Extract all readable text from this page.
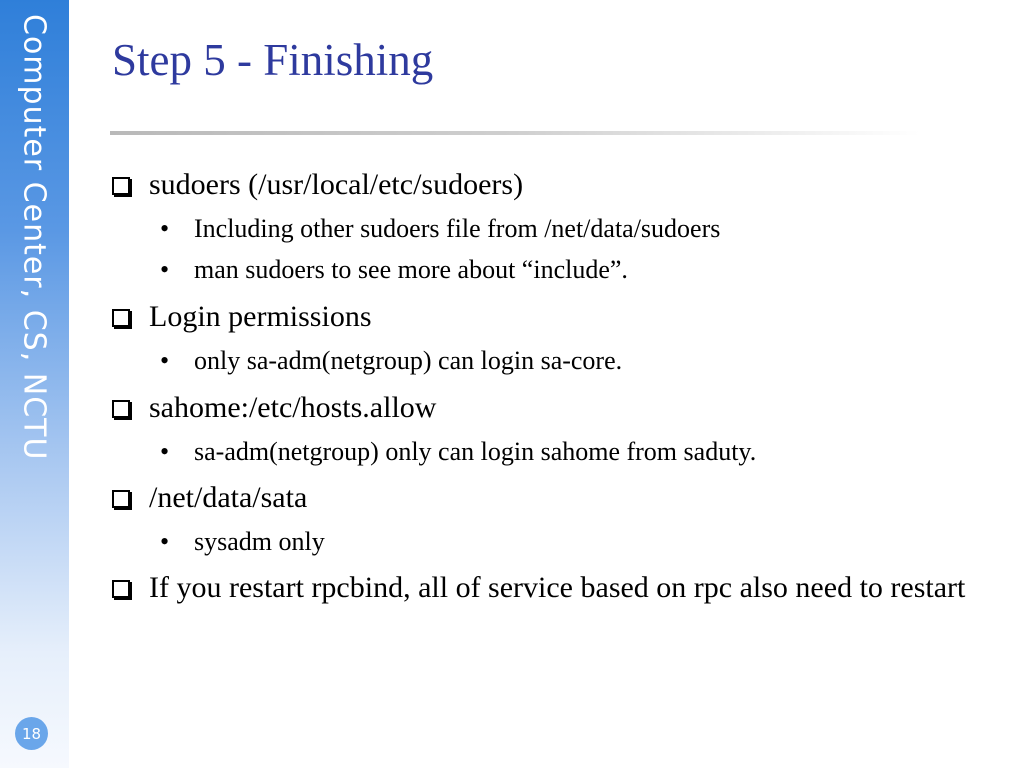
Computer Center, CS, NCTU
18
Step 5 - Finishing
sudoers (/usr/local/etc/sudoers)
• Including other sudoers file from /net/data/sudoers
• man sudoers to see more about “include”.
Login permissions
• only sa-adm(netgroup) can login sa-core.
sahome:/etc/hosts.allow
• sa-adm(netgroup) only can login sahome from saduty.
/net/data/sata
• sysadm only
If you restart rpcbind, all of service based on rpc also need to restart
